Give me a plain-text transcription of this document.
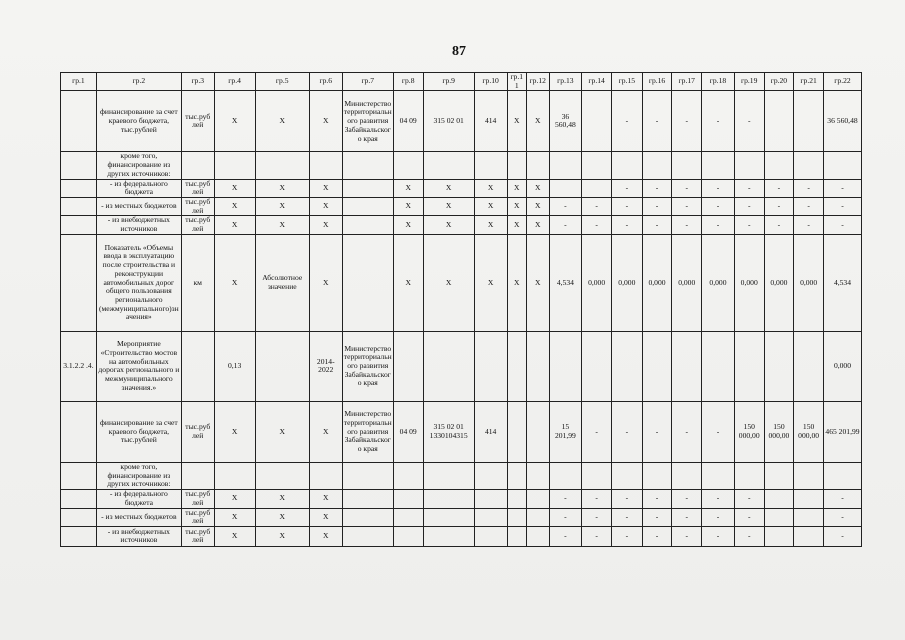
87
гр.1	гр.2	гр.3	гр.4	гр.5	гр.6	гр.7	гр.8	гр.9	гр.10	гр.1 1	гр.12	гр.13	гр.14	гр.15	гр.16	гр.17	гр.18	гр.19	гр.20	гр.21	гр.22
	финансирование за счет краевого бюджета, тыс.рублей	тыс.руб лей	X	X	X	Министерство территориального развития Забайкальского края	04 09	315 02 01	414	X	X	36 560,48		-	-	-	-	-			36 560,48
	кроме того, финансирование из других источников:																				
	- из федерального бюджета	тыс.руб лей	X	X	X		X	X	X	X	X			-	-	-	-	-	-	-	-
	- из местных бюджетов	тыс.руб лей	X	X	X		X	X	X	X	X	-	-	-	-	-	-	-	-	-	-
	- из внебюджетных источников	тыс.руб лей	X	X	X		X	X	X	X	X	-	-	-	-	-	-	-	-	-	-
	Показатель «Объемы ввода в эксплуатацию после строительства и реконструкции автомобильных дорог общего пользования регионального (межмуниципального)значения»	км	X	Абсолютное значение	X		X	X	X	X	X	4,534	0,000	0,000	0,000	0,000	0,000	0,000	0,000	0,000	4,534
3.1.2.2 .4.	Мероприятие «Строительство мостов на автомобильных дорогах регионального и межмуниципального значения.»		0,13		2014-2022	Министерство территориального развития Забайкальского края															0,000
	финансирование за счет краевого бюджета, тыс.рублей	тыс.руб лей	X	X	X	Министерство территориального развития Забайкальского края	04 09	315 02 01 1330104315	414			15 201,99	-	-	-	-	-	150 000,00	150 000,00	150 000,00	465 201,99
	кроме того, финансирование из других источников:																				
	- из федерального бюджета	тыс.руб лей	X	X	X							-	-	-	-	-	-	-			-
	- из местных бюджетов	тыс.руб лей	X	X	X							-	-	-	-	-	-	-			-
	- из внебюджетных источников	тыс.руб лей	X	X	X							-	-	-	-	-	-	-			-
